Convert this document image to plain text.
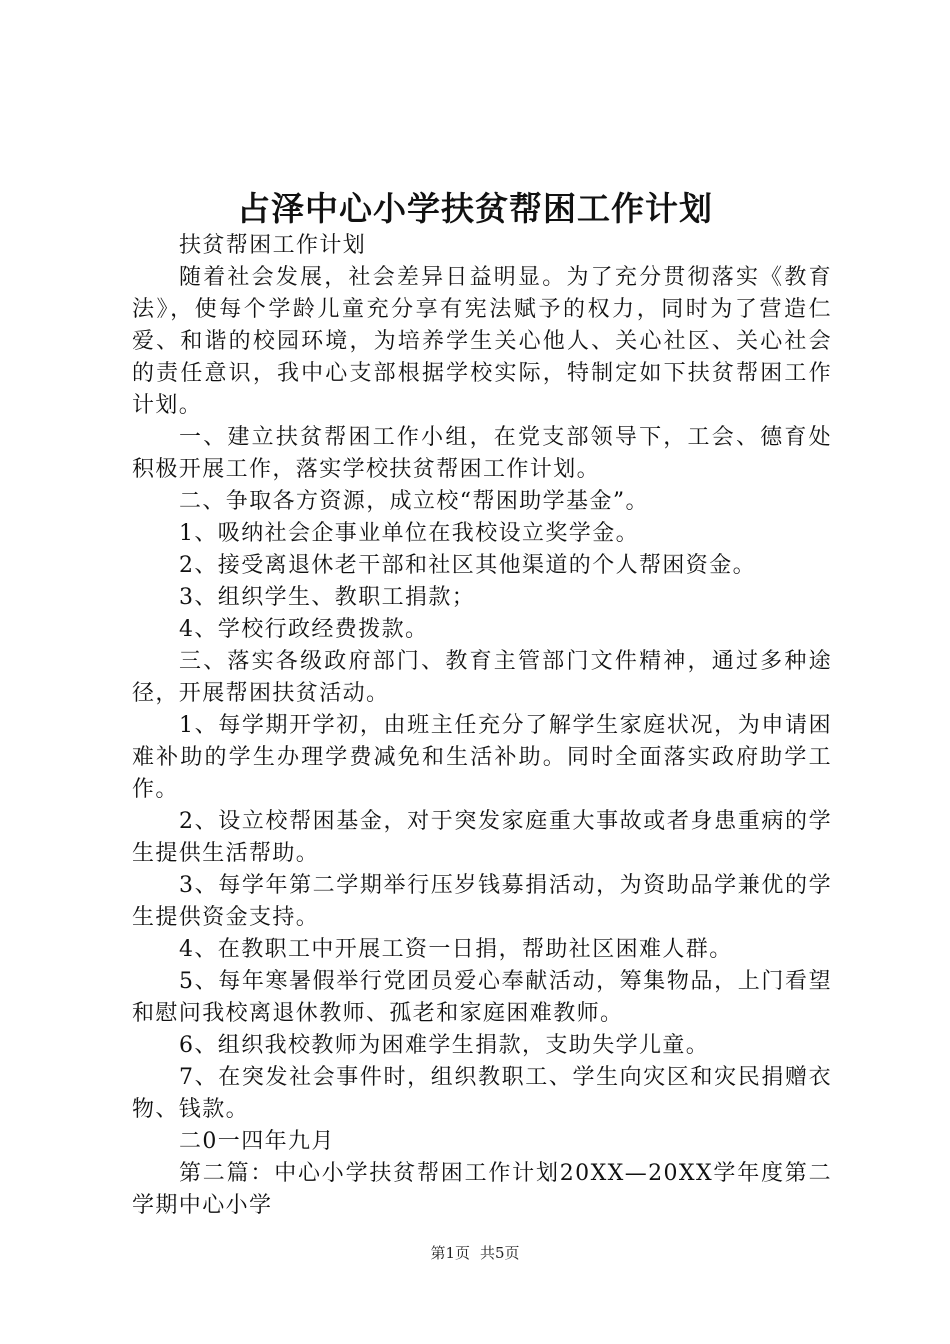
占泽中心小学扶贫帮困工作计划

扶贫帮困工作计划

随着社会发展，社会差异日益明显。为了充分贯彻落实《教育法》，使每个学龄儿童充分享有宪法赋予的权力，同时为了营造仁爱、和谐的校园环境，为培养学生关心他人、关心社区、关心社会的责任意识，我中心支部根据学校实际，特制定如下扶贫帮困工作计划。

一、建立扶贫帮困工作小组，在党支部领导下，工会、德育处积极开展工作，落实学校扶贫帮困工作计划。

二、争取各方资源，成立校“帮困助学基金”。

1、吸纳社会企事业单位在我校设立奖学金。

2、接受离退休老干部和社区其他渠道的个人帮困资金。

3、组织学生、教职工捐款；

4、学校行政经费拨款。

三、落实各级政府部门、教育主管部门文件精神，通过多种途径，开展帮困扶贫活动。

1、每学期开学初，由班主任充分了解学生家庭状况，为申请困难补助的学生办理学费减免和生活补助。同时全面落实政府助学工作。

2、设立校帮困基金，对于突发家庭重大事故或者身患重病的学生提供生活帮助。

3、每学年第二学期举行压岁钱募捐活动，为资助品学兼优的学生提供资金支持。

4、在教职工中开展工资一日捐，帮助社区困难人群。

5、每年寒暑假举行党团员爱心奉献活动，筹集物品，上门看望和慰问我校离退休教师、孤老和家庭困难教师。

6、组织我校教师为困难学生捐款，支助失学儿童。

7、在突发社会事件时，组织教职工、学生向灾区和灾民捐赠衣物、钱款。

二0一四年九月

第二篇：中心小学扶贫帮困工作计划20XX—20XX学年度第二学期中心小学

第1页 共5页
